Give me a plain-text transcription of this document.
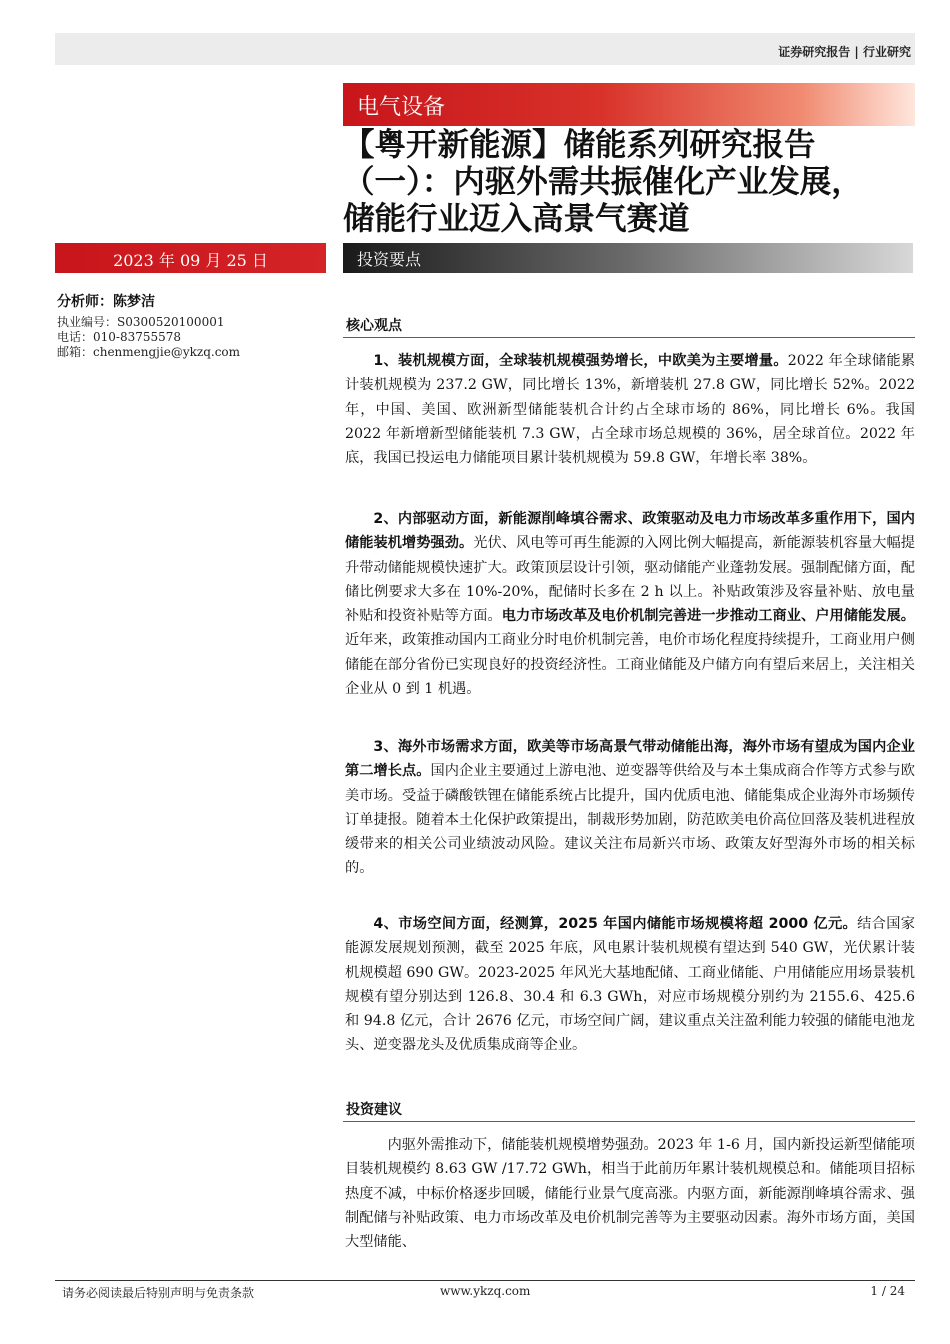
证券研究报告 | 行业研究
电气设备
【粤开新能源】储能系列研究报告
（一）：内驱外需共振催化产业发展，
储能行业迈入高景气赛道
2023 年 09 月 25 日	投资要点
分析师：陈梦洁
执业编号：S0300520100001
电话：010-83755578
邮箱：chenmengjie@ykzq.com
核心观点

1、装机规模方面，全球装机规模强势增长，中欧美为主要增量。2022 年全球储能累计装机规模为 237.2 GW，同比增长 13%，新增装机 27.8 GW，同比增长 52%。2022 年，中国、美国、欧洲新型储能装机合计约占全球市场的 86%，同比增长 6%。我国 2022 年新增新型储能装机 7.3 GW，占全球市场总规模的 36%，居全球首位。2022 年底，我国已投运电力储能项目累计装机规模为 59.8 GW，年增长率 38%。

2、内部驱动方面，新能源削峰填谷需求、政策驱动及电力市场改革多重作用下，国内储能装机增势强劲。光伏、风电等可再生能源的入网比例大幅提高，新能源装机容量大幅提升带动储能规模快速扩大。政策顶层设计引领，驱动储能产业蓬勃发展。强制配储方面，配储比例要求大多在 10%-20%，配储时长多在 2 h 以上。补贴政策涉及容量补贴、放电量补贴和投资补贴等方面。电力市场改革及电价机制完善进一步推动工商业、户用储能发展。近年来，政策推动国内工商业分时电价机制完善，电价市场化程度持续提升，工商业用户侧储能在部分省份已实现良好的投资经济性。工商业储能及户储方向有望后来居上，关注相关企业从 0 到 1 机遇。

3、海外市场需求方面，欧美等市场高景气带动储能出海，海外市场有望成为国内企业第二增长点。国内企业主要通过上游电池、逆变器等供给及与本土集成商合作等方式参与欧美市场。受益于磷酸铁锂在储能系统占比提升，国内优质电池、储能集成企业海外市场频传订单捷报。随着本土化保护政策提出，制裁形势加剧，防范欧美电价高位回落及装机进程放缓带来的相关公司业绩波动风险。建议关注布局新兴市场、政策友好型海外市场的相关标的。

4、市场空间方面，经测算，2025 年国内储能市场规模将超 2000 亿元。结合国家能源发展规划预测，截至 2025 年底，风电累计装机规模有望达到 540 GW，光伏累计装机规模超 690 GW。2023-2025 年风光大基地配储、工商业储能、户用储能应用场景装机规模有望分别达到 126.8、30.4 和 6.3 GWh，对应市场规模分别约为 2155.6、425.6 和 94.8 亿元，合计 2676 亿元，市场空间广阔，建议重点关注盈利能力较强的储能电池龙头、逆变器龙头及优质集成商等企业。

投资建议

内驱外需推动下，储能装机规模增势强劲。2023 年 1-6 月，国内新投运新型储能项目装机规模约 8.63 GW /17.72 GWh，相当于此前历年累计装机规模总和。储能项目招标热度不减，中标价格逐步回暖，储能行业景气度高涨。内驱方面，新能源削峰填谷需求、强制配储与补贴政策、电力市场改革及电价机制完善等为主要驱动因素。海外市场方面，美国大型储能、

请务必阅读最后特别声明与免责条款	www.ykzq.com	1 / 24
